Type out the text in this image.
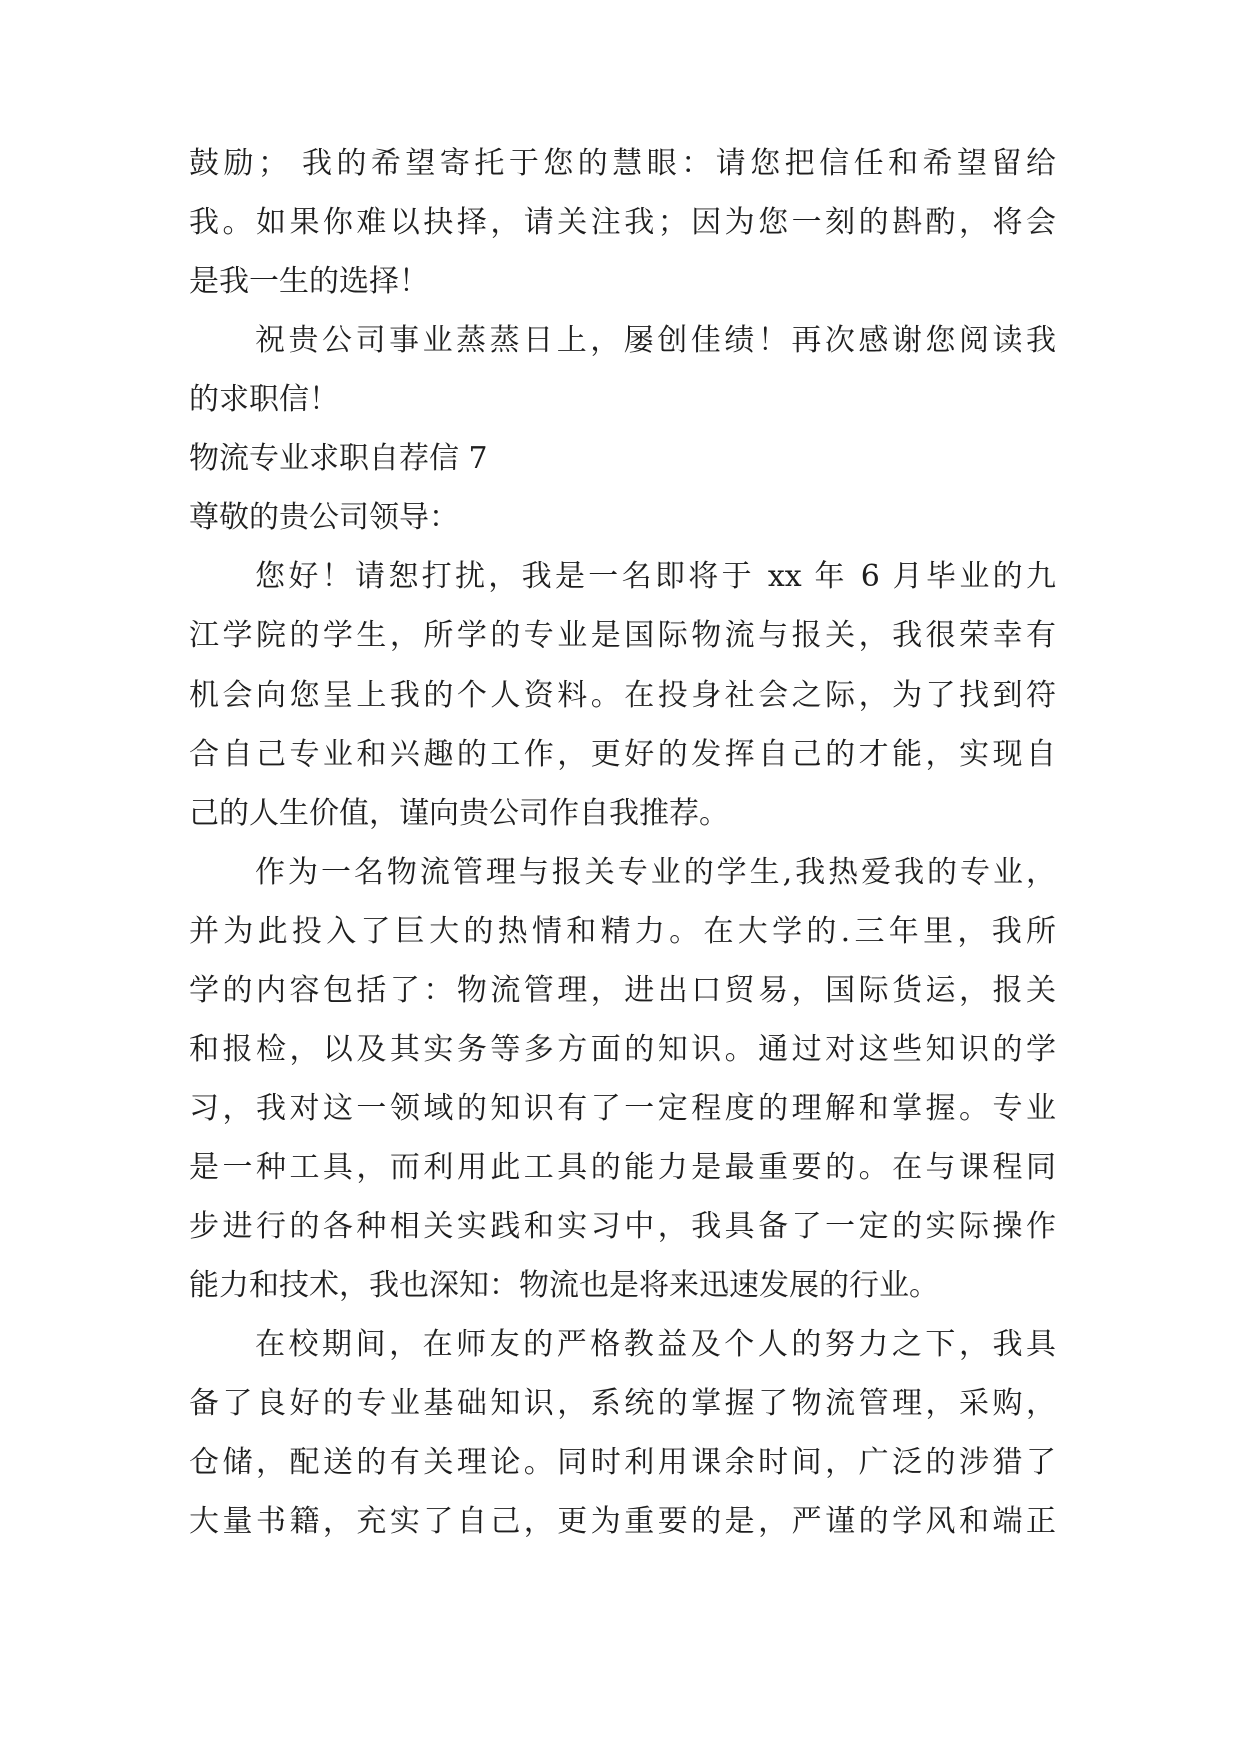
鼓励； 我的希望寄托于您的慧眼：请您把信任和希望留给
我。如果你难以抉择，请关注我；因为您一刻的斟酌，将会
是我一生的选择！
祝贵公司事业蒸蒸日上，屡创佳绩！再次感谢您阅读我
的求职信！
物流专业求职自荐信 7
尊敬的贵公司领导：
您好！请恕打扰，我是一名即将于 xx 年 6 月毕业的九
江学院的学生，所学的专业是国际物流与报关，我很荣幸有
机会向您呈上我的个人资料。在投身社会之际，为了找到符
合自己专业和兴趣的工作，更好的发挥自己的才能，实现自
己的人生价值，谨向贵公司作自我推荐。
作为一名物流管理与报关专业的学生,我热爱我的专业，
并为此投入了巨大的热情和精力。在大学的.三年里，我所
学的内容包括了：物流管理，进出口贸易，国际货运，报关
和报检，以及其实务等多方面的知识。通过对这些知识的学
习，我对这一领域的知识有了一定程度的理解和掌握。专业
是一种工具，而利用此工具的能力是最重要的。在与课程同
步进行的各种相关实践和实习中，我具备了一定的实际操作
能力和技术，我也深知：物流也是将来迅速发展的行业。
在校期间，在师友的严格教益及个人的努力之下，我具
备了良好的专业基础知识，系统的掌握了物流管理，采购，
仓储，配送的有关理论。同时利用课余时间，广泛的涉猎了
大量书籍，充实了自己，更为重要的是，严谨的学风和端正
